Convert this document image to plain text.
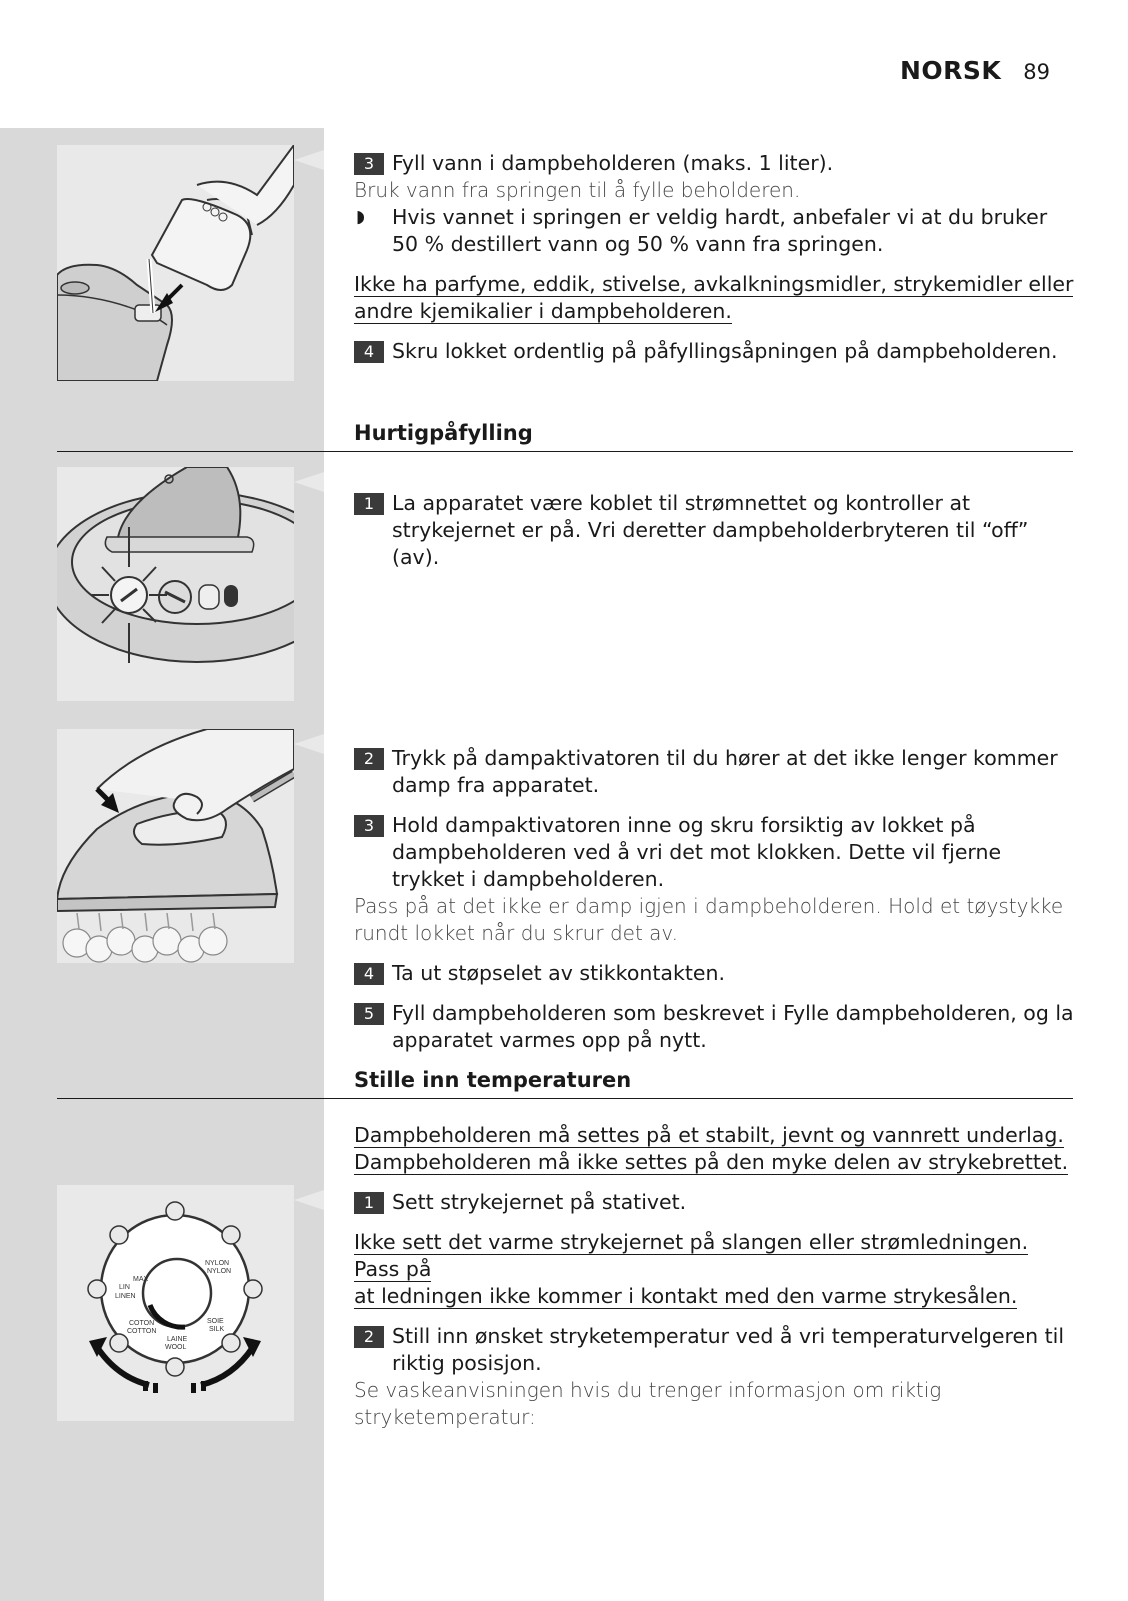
NORSK 89
MAX
LIN
LINEN
COTON
COTTON
LAINE
WOOL
SOIE
SILK
NYLON
NYLON

3 Fyll vann i dampbeholderen (maks. 1 liter).

Bruk vann fra springen til å fylle beholderen.

◗ Hvis vannet i springen er veldig hardt, anbefaler vi at du bruker 50 % destillert vann og 50 % vann fra springen.

Ikke ha parfyme, eddik, stivelse, avkalkningsmidler, strykemidler eller
andre kjemikalier i dampbeholderen.

4 Skru lokket ordentlig på påfyllingsåpningen på dampbeholderen.

Hurtigpåfylling

1 La apparatet være koblet til strømnettet og kontroller at strykejernet er på. Vri deretter dampbeholderbryteren til “off” (av).

2 Trykk på dampaktivatoren til du hører at det ikke lenger kommer damp fra apparatet.

3 Hold dampaktivatoren inne og skru forsiktig av lokket på dampbeholderen ved å vri det mot klokken. Dette vil fjerne trykket i dampbeholderen.

Pass på at det ikke er damp igjen i dampbeholderen. Hold et tøystykke rundt lokket når du skrur det av.

4 Ta ut støpselet av stikkontakten.

5 Fyll dampbeholderen som beskrevet i Fylle dampbeholderen, og la apparatet varmes opp på nytt.

Stille inn temperaturen

Dampbeholderen må settes på et stabilt, jevnt og vannrett underlag.
Dampbeholderen må ikke settes på den myke delen av strykebrettet.

1 Sett strykejernet på stativet.

Ikke sett det varme strykejernet på slangen eller strømledningen. Pass på
at ledningen ikke kommer i kontakt med den varme strykesålen.

2 Still inn ønsket stryketemperatur ved å vri temperaturvelgeren til riktig posisjon.

Se vaskeanvisningen hvis du trenger informasjon om riktig stryketemperatur:
